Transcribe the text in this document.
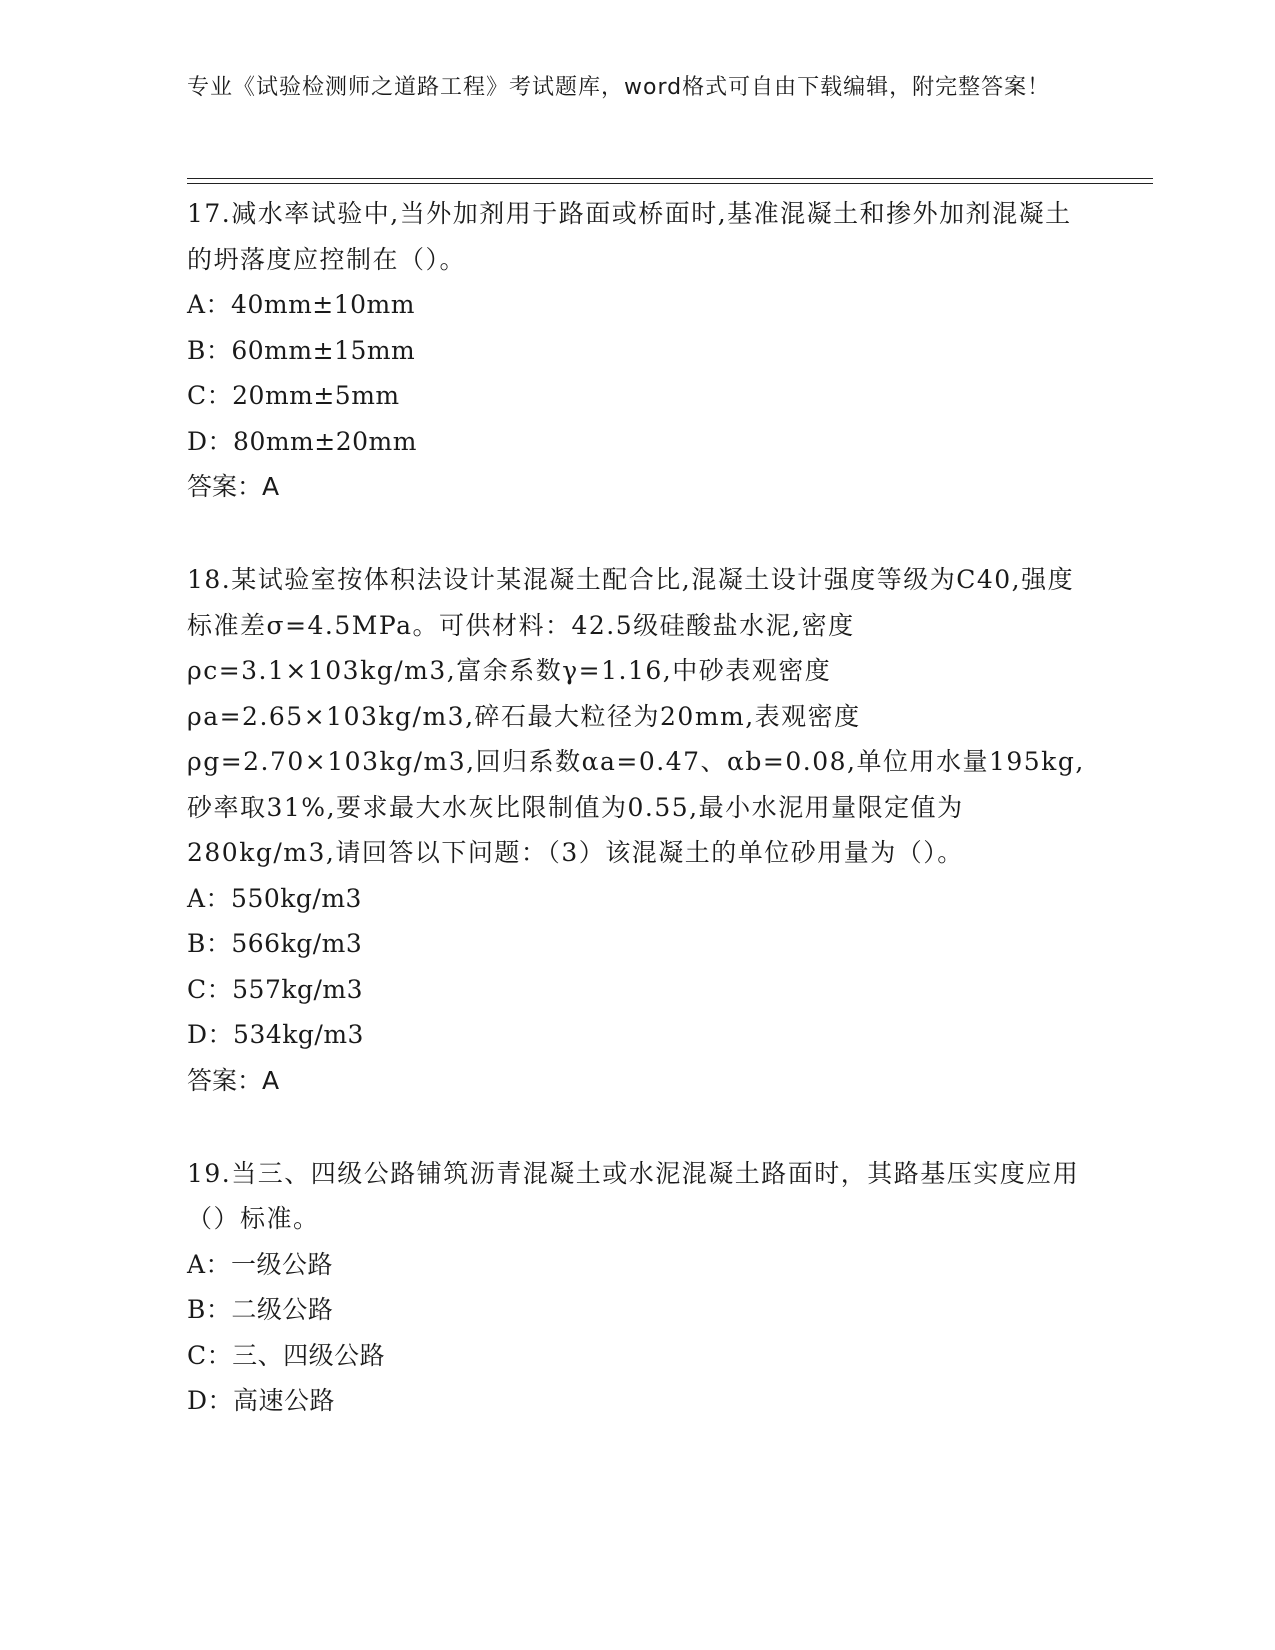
专业《试验检测师之道路工程》考试题库，word格式可自由下载编辑，附完整答案！

17.减水率试验中,当外加剂用于路面或桥面时,基准混凝土和掺外加剂混凝土的坍落度应控制在（）。

A：40mm±10mm

B：60mm±15mm

C：20mm±5mm

D：80mm±20mm

答案：A

18.某试验室按体积法设计某混凝土配合比,混凝土设计强度等级为C40,强度标准差σ=4.5MPa。可供材料：42.5级硅酸盐水泥,密度ρc=3.1×103kg/m3,富余系数γ=1.16,中砂表观密度ρa=2.65×103kg/m3,碎石最大粒径为20mm,表观密度ρg=2.70×103kg/m3,回归系数αa=0.47、αb=0.08,单位用水量195kg,砂率取31%,要求最大水灰比限制值为0.55,最小水泥用量限定值为280kg/m3,请回答以下问题：（3）该混凝土的单位砂用量为（）。

A：550kg/m3

B：566kg/m3

C：557kg/m3

D：534kg/m3

答案：A

19.当三、四级公路铺筑沥青混凝土或水泥混凝土路面时，其路基压实度应用（）标准。

A：一级公路

B：二级公路

C：三、四级公路

D：高速公路
